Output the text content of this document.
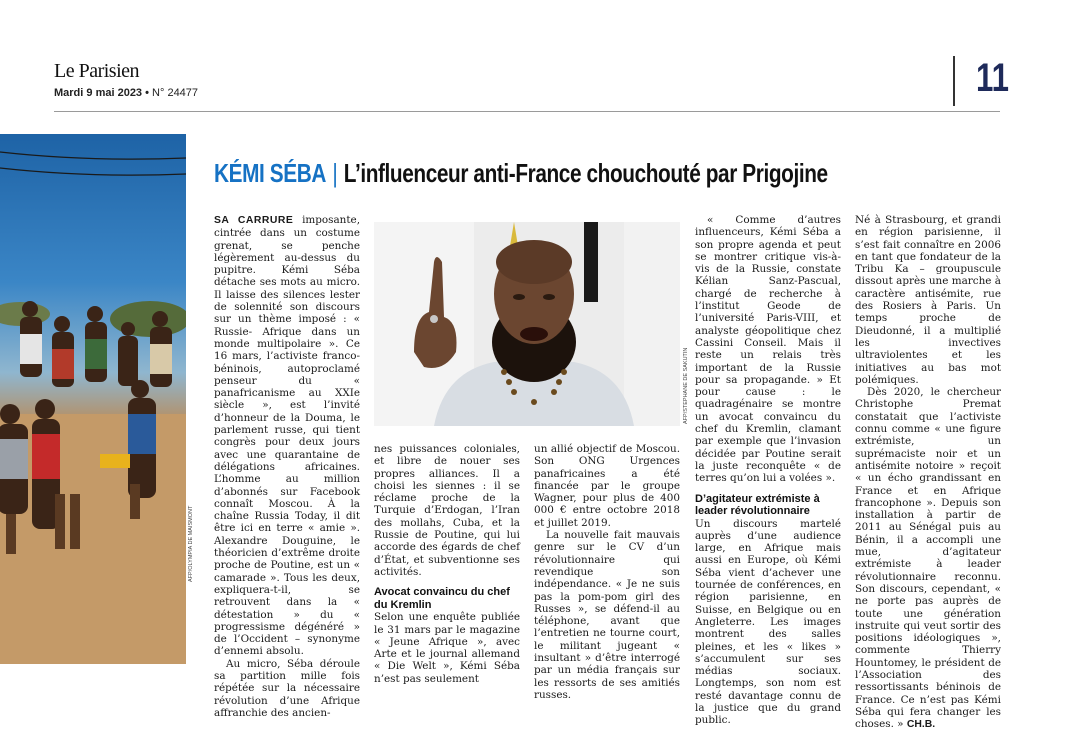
Le Parisien
Mardi 9 mai 2023 • N° 24477	11
AFP/OLYMPIA DE MAISMONT
KÉMI SÉBA | L’influenceur anti-France chouchouté par Prigojine

SA CARRURE imposante, cintrée dans un costume grenat, se penche légèrement au-dessus du pupitre. Kémi Séba détache ses mots au micro. Il laisse des silences lester de solennité son discours sur un thème imposé : « Russie- Afrique dans un monde multipolaire ». Ce 16 mars, l’activiste franco-béninois, autoproclamé penseur du « panafricanisme au XXIe siècle », est l’invité d’honneur de la Douma, le parlement russe, qui tient congrès pour deux jours avec une quarantaine de délégations africaines. L’homme au million d’abonnés sur Facebook connaît Moscou. À la chaîne Russia Today, il dit être ici en terre « amie ». Alexandre Douguine, le théoricien d’extrême droite proche de Poutine, est un « camarade ». Tous les deux, expliquera-t-il, se retrouvent dans la « détestation » du « progressisme dégénéré » de l’Occident – synonyme d’ennemi absolu.

Au micro, Séba déroule sa partition mille fois répétée sur la nécessaire révolution d’une Afrique affranchie des ancien-

AFP/STEPHANE DE SAKUTIN

nes puissances coloniales, et libre de nouer ses propres alliances. Il a choisi les siennes : il se réclame proche de la Turquie d’Erdogan, l’Iran des mollahs, Cuba, et la Russie de Poutine, qui lui accorde des égards de chef d’État, et subventionne ses activités.

Avocat convaincu du chef du Kremlin

Selon une enquête publiée le 31 mars par le magazine « Jeune Afrique », avec Arte et le journal allemand « Die Welt », Kémi Séba n’est pas seulement

un allié objectif de Moscou. Son ONG Urgences panafricaines a été financée par le groupe Wagner, pour plus de 400 000 € entre octobre 2018 et juillet 2019.

La nouvelle fait mauvais genre sur le CV d’un révolutionnaire qui revendique son indépendance. « Je ne suis pas la pom-pom girl des Russes », se défend-il au téléphone, avant que l’entretien ne tourne court, le militant jugeant « insultant » d’être interrogé par un média français sur les ressorts de ses amitiés russes.

« Comme d’autres influenceurs, Kémi Séba a son propre agenda et peut se montrer critique vis-à-vis de la Russie, constate Kélian Sanz-Pascual, chargé de recherche à l’institut Geode de l’université Paris-VIII, et analyste géopolitique chez Cassini Conseil. Mais il reste un relais très important de la Russie pour sa propagande. » Et pour cause : le quadragénaire se montre un avocat convaincu du chef du Kremlin, clamant par exemple que l’invasion décidée par Poutine serait la juste reconquête « de terres qu’on lui a volées ».

D’agitateur extrémiste à leader révolutionnaire

Un discours martelé auprès d’une audience large, en Afrique mais aussi en Europe, où Kémi Séba vient d’achever une tournée de conférences, en région parisienne, en Suisse, en Belgique ou en Angleterre. Les images montrent des salles pleines, et les « likes » s’accumulent sur ses médias sociaux. Longtemps, son nom est resté davantage connu de la justice que du grand public.

Né à Strasbourg, et grandi en région parisienne, il s’est fait connaître en 2006 en tant que fondateur de la Tribu Ka – groupuscule dissout après une marche à caractère antisémite, rue des Rosiers à Paris. Un temps proche de Dieudonné, il a multiplié les invectives ultraviolentes et les initiatives au bas mot polémiques.

Dès 2020, le chercheur Christophe Premat constatait que l’activiste connu comme « une figure extrémiste, un suprémaciste noir et un antisémite notoire » reçoit « un écho grandissant en France et en Afrique francophone ». Depuis son installation à partir de 2011 au Sénégal puis au Bénin, il a accompli une mue, d’agitateur extrémiste à leader révolutionnaire reconnu. Son discours, cependant, « ne porte pas auprès de toute une génération instruite qui veut sortir des positions idéologiques », commente Thierry Hountomey, le président de l’Association des ressortissants béninois de France. Ce n’est pas Kémi Séba qui fera changer les choses. » CH.B.
